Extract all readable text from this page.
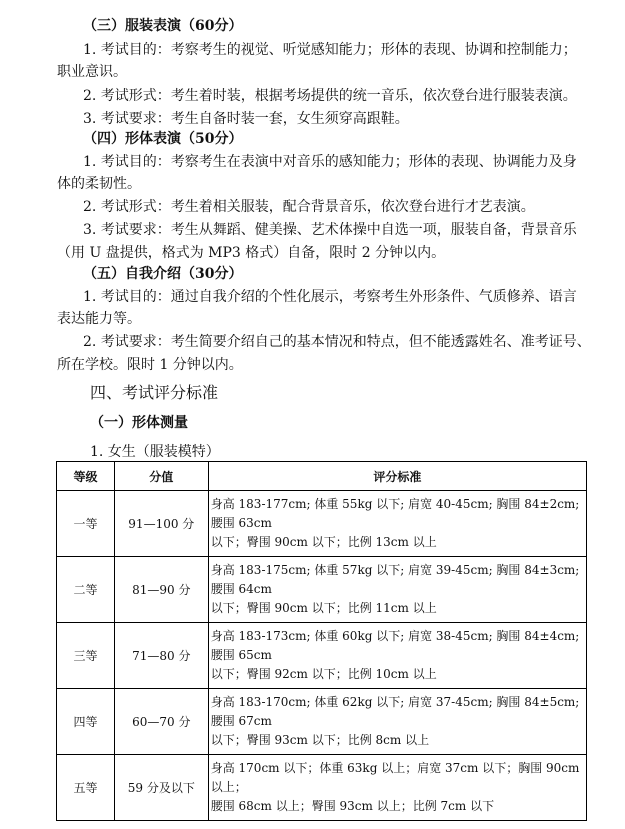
（三）服装表演（60分）
1. 考试目的：考察考生的视觉、听觉感知能力；形体的表现、协调和控制能力；
职业意识。
2. 考试形式：考生着时装，根据考场提供的统一音乐，依次登台进行服装表演。
3. 考试要求：考生自备时装一套，女生须穿高跟鞋。
（四）形体表演（50分）
1. 考试目的：考察考生在表演中对音乐的感知能力；形体的表现、协调能力及身
体的柔韧性。
2. 考试形式：考生着相关服装，配合背景音乐，依次登台进行才艺表演。
3. 考试要求：考生从舞蹈、健美操、艺术体操中自选一项，服装自备，背景音乐
（用 U 盘提供，格式为 MP3 格式）自备，限时 2 分钟以内。
（五）自我介绍（30分）
1. 考试目的：通过自我介绍的个性化展示，考察考生外形条件、气质修养、语言
表达能力等。
2. 考试要求：考生简要介绍自己的基本情况和特点，但不能透露姓名、准考证号、
所在学校。限时 1 分钟以内。
四、考试评分标准
（一）形体测量
1. 女生（服装模特）
等级	分值	评分标准
一等	91—100 分	身高 183-177cm; 体重 55kg 以下; 肩宽 40-45cm; 胸围 84±2cm; 腰围 63cm
以下；臀围 90cm 以下；比例 13cm 以上

二等	81—90 分	身高 183-175cm; 体重 57kg 以下; 肩宽 39-45cm; 胸围 84±3cm; 腰围 64cm
以下；臀围 90cm 以下；比例 11cm 以上

三等	71—80 分	身高 183-173cm; 体重 60kg 以下; 肩宽 38-45cm; 胸围 84±4cm; 腰围 65cm
以下；臀围 92cm 以下；比例 10cm 以上

四等	60—70 分	身高 183-170cm; 体重 62kg 以下; 肩宽 37-45cm; 胸围 84±5cm; 腰围 67cm
以下；臀围 93cm 以下；比例 8cm 以上

五等	59 分及以下	身高 170cm 以下；体重 63kg 以上；肩宽 37cm 以下；胸围 90cm 以上；
腰围 68cm 以上；臀围 93cm 以上；比例 7cm 以下
